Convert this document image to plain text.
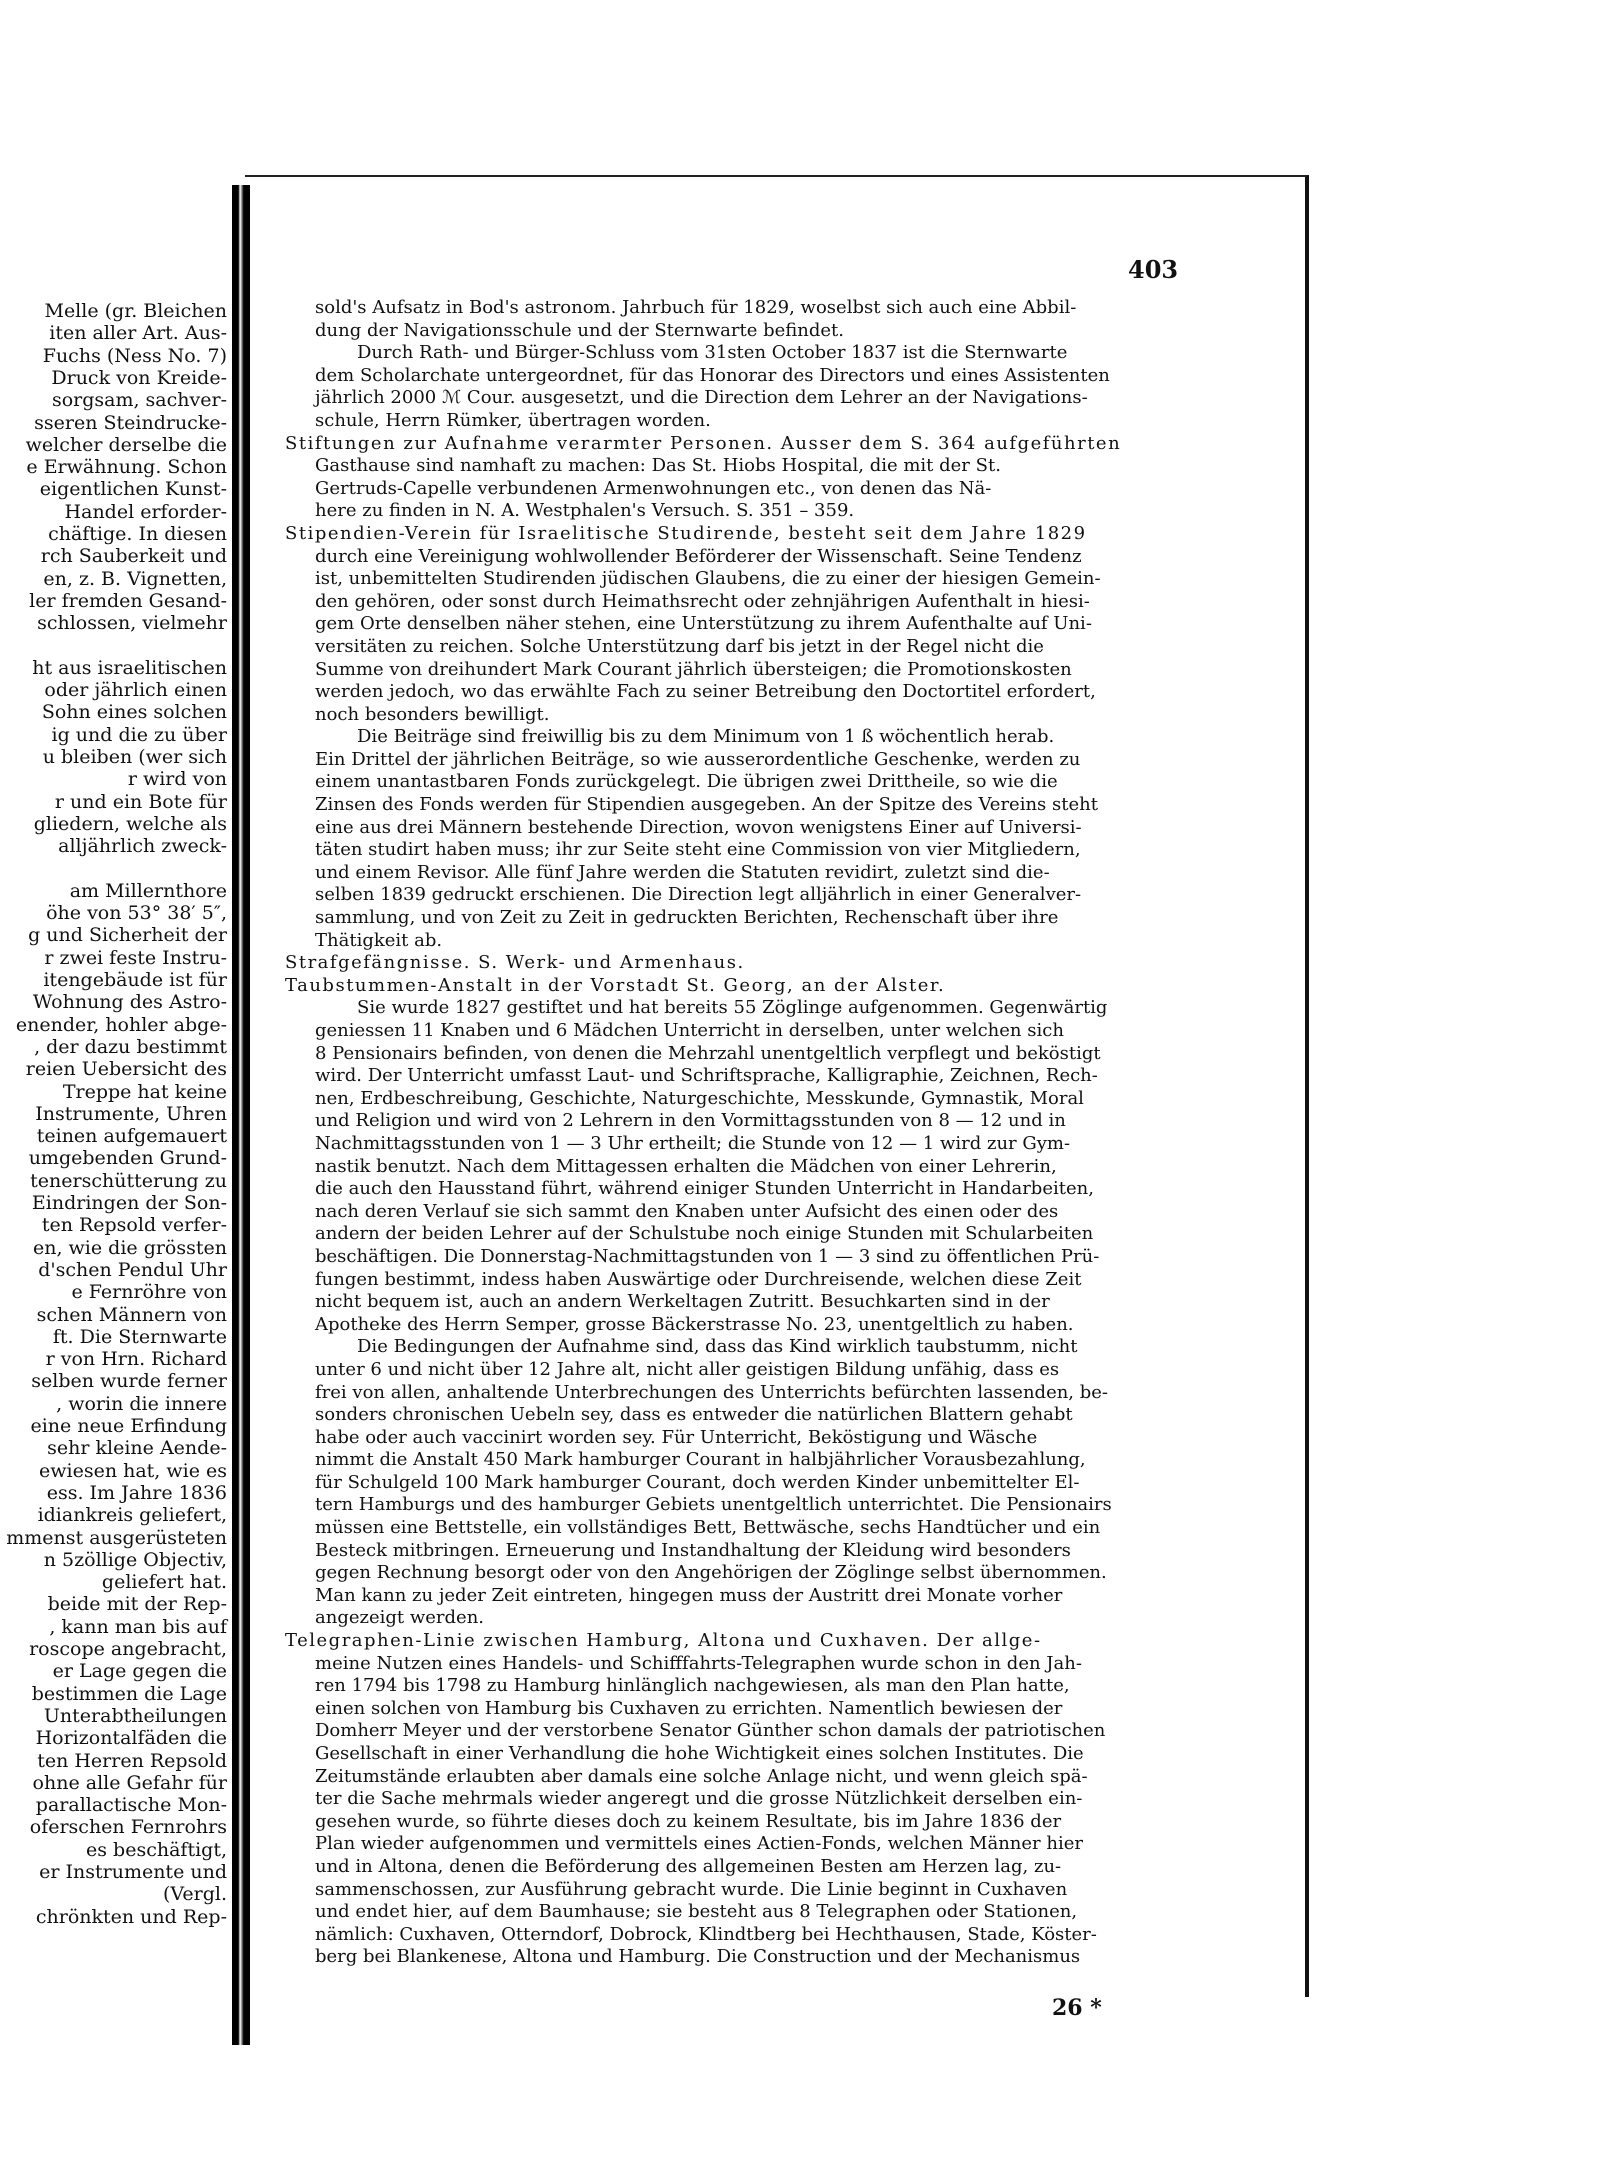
Melle (gr. Bleichen
iten aller Art. Aus-
Fuchs (Ness No. 7)
Druck von Kreide-
sorgsam, sachver-
sseren Steindrucke-
welcher derselbe die
e Erwähnung. Schon
eigentlichen Kunst-
Handel erforder-
chäftige. In diesen
rch Sauberkeit und
en, z. B. Vignetten,
ler fremden Gesand-
schlossen, vielmehr
ht aus israelitischen
oder jährlich einen
Sohn eines solchen
ig und die zu über
u bleiben (wer sich
r wird von
r und ein Bote für
gliedern, welche als
alljährlich zweck-
am Millernthore
öhe von 53° 38′ 5″,
g und Sicherheit der
r zwei feste Instru-
itengebäude ist für
Wohnung des Astro-
enender, hohler abge-
, der dazu bestimmt
reien Uebersicht des
Treppe hat keine
Instrumente, Uhren
teinen aufgemauert
umgebenden Grund-
tenerschütterung zu
Eindringen der Son-
ten Repsold verfer-
en, wie die grössten
d'schen Pendul Uhr
e Fernröhre von
schen Männern von
ft. Die Sternwarte
r von Hrn. Richard
selben wurde ferner
, worin die innere
eine neue Erfindung
sehr kleine Aende-
ewiesen hat, wie es
ess. Im Jahre 1836
idiankreis geliefert,
mmenst ausgerüsteten
n 5zöllige Objectiv,
geliefert hat.
beide mit der Rep-
, kann man bis auf
roscope angebracht,
er Lage gegen die
bestimmen die Lage
Unterabtheilungen
Horizontalfäden die
ten Herren Repsold
ohne alle Gefahr für
parallactische Mon-
oferschen Fernrohrs
es beschäftigt,
er Instrumente und
(Vergl.
chrönkten und Rep-
403
sold's Aufsatz in Bod's astronom. Jahrbuch für 1829, woselbst sich auch eine Abbil-
dung der Navigationsschule und der Sternwarte befindet.
Durch Rath- und Bürger-Schluss vom 31sten October 1837 ist die Sternwarte
dem Scholarchate untergeordnet, für das Honorar des Directors und eines Assistenten
jährlich 2000 ℳ Cour. ausgesetzt, und die Direction dem Lehrer an der Navigations-
schule, Herrn Rümker, übertragen worden.
Stiftungen zur Aufnahme verarmter Personen. Ausser dem S. 364 aufgeführten
Gasthause sind namhaft zu machen: Das St. Hiobs Hospital, die mit der St.
Gertruds-Capelle verbundenen Armenwohnungen etc., von denen das Nä-
here zu finden in N. A. Westphalen's Versuch. S. 351 – 359.
Stipendien-Verein für Israelitische Studirende, besteht seit dem Jahre 1829
durch eine Vereinigung wohlwollender Beförderer der Wissenschaft. Seine Tendenz
ist, unbemittelten Studirenden jüdischen Glaubens, die zu einer der hiesigen Gemein-
den gehören, oder sonst durch Heimathsrecht oder zehnjährigen Aufenthalt in hiesi-
gem Orte denselben näher stehen, eine Unterstützung zu ihrem Aufenthalte auf Uni-
versitäten zu reichen. Solche Unterstützung darf bis jetzt in der Regel nicht die
Summe von dreihundert Mark Courant jährlich übersteigen; die Promotionskosten
werden jedoch, wo das erwählte Fach zu seiner Betreibung den Doctortitel erfordert,
noch besonders bewilligt.
Die Beiträge sind freiwillig bis zu dem Minimum von 1 ß wöchentlich herab.
Ein Drittel der jährlichen Beiträge, so wie ausserordentliche Geschenke, werden zu
einem unantastbaren Fonds zurückgelegt. Die übrigen zwei Drittheile, so wie die
Zinsen des Fonds werden für Stipendien ausgegeben. An der Spitze des Vereins steht
eine aus drei Männern bestehende Direction, wovon wenigstens Einer auf Universi-
täten studirt haben muss; ihr zur Seite steht eine Commission von vier Mitgliedern,
und einem Revisor. Alle fünf Jahre werden die Statuten revidirt, zuletzt sind die-
selben 1839 gedruckt erschienen. Die Direction legt alljährlich in einer Generalver-
sammlung, und von Zeit zu Zeit in gedruckten Berichten, Rechenschaft über ihre
Thätigkeit ab.
Strafgefängnisse. S. Werk- und Armenhaus.
Taubstummen-Anstalt in der Vorstadt St. Georg, an der Alster.
Sie wurde 1827 gestiftet und hat bereits 55 Zöglinge aufgenommen. Gegenwärtig
geniessen 11 Knaben und 6 Mädchen Unterricht in derselben, unter welchen sich
8 Pensionairs befinden, von denen die Mehrzahl unentgeltlich verpflegt und beköstigt
wird. Der Unterricht umfasst Laut- und Schriftsprache, Kalligraphie, Zeichnen, Rech-
nen, Erdbeschreibung, Geschichte, Naturgeschichte, Messkunde, Gymnastik, Moral
und Religion und wird von 2 Lehrern in den Vormittagsstunden von 8 — 12 und in
Nachmittagsstunden von 1 — 3 Uhr ertheilt; die Stunde von 12 — 1 wird zur Gym-
nastik benutzt. Nach dem Mittagessen erhalten die Mädchen von einer Lehrerin,
die auch den Hausstand führt, während einiger Stunden Unterricht in Handarbeiten,
nach deren Verlauf sie sich sammt den Knaben unter Aufsicht des einen oder des
andern der beiden Lehrer auf der Schulstube noch einige Stunden mit Schularbeiten
beschäftigen. Die Donnerstag-Nachmittagstunden von 1 — 3 sind zu öffentlichen Prü-
fungen bestimmt, indess haben Auswärtige oder Durchreisende, welchen diese Zeit
nicht bequem ist, auch an andern Werkeltagen Zutritt. Besuchkarten sind in der
Apotheke des Herrn Semper, grosse Bäckerstrasse No. 23, unentgeltlich zu haben.
Die Bedingungen der Aufnahme sind, dass das Kind wirklich taubstumm, nicht
unter 6 und nicht über 12 Jahre alt, nicht aller geistigen Bildung unfähig, dass es
frei von allen, anhaltende Unterbrechungen des Unterrichts befürchten lassenden, be-
sonders chronischen Uebeln sey, dass es entweder die natürlichen Blattern gehabt
habe oder auch vaccinirt worden sey. Für Unterricht, Beköstigung und Wäsche
nimmt die Anstalt 450 Mark hamburger Courant in halbjährlicher Vorausbezahlung,
für Schulgeld 100 Mark hamburger Courant, doch werden Kinder unbemittelter El-
tern Hamburgs und des hamburger Gebiets unentgeltlich unterrichtet. Die Pensionairs
müssen eine Bettstelle, ein vollständiges Bett, Bettwäsche, sechs Handtücher und ein
Besteck mitbringen. Erneuerung und Instandhaltung der Kleidung wird besonders
gegen Rechnung besorgt oder von den Angehörigen der Zöglinge selbst übernommen.
Man kann zu jeder Zeit eintreten, hingegen muss der Austritt drei Monate vorher
angezeigt werden.
Telegraphen-Linie zwischen Hamburg, Altona und Cuxhaven. Der allge-
meine Nutzen eines Handels- und Schifffahrts-Telegraphen wurde schon in den Jah-
ren 1794 bis 1798 zu Hamburg hinlänglich nachgewiesen, als man den Plan hatte,
einen solchen von Hamburg bis Cuxhaven zu errichten. Namentlich bewiesen der
Domherr Meyer und der verstorbene Senator Günther schon damals der patriotischen
Gesellschaft in einer Verhandlung die hohe Wichtigkeit eines solchen Institutes. Die
Zeitumstände erlaubten aber damals eine solche Anlage nicht, und wenn gleich spä-
ter die Sache mehrmals wieder angeregt und die grosse Nützlichkeit derselben ein-
gesehen wurde, so führte dieses doch zu keinem Resultate, bis im Jahre 1836 der
Plan wieder aufgenommen und vermittels eines Actien-Fonds, welchen Männer hier
und in Altona, denen die Beförderung des allgemeinen Besten am Herzen lag, zu-
sammenschossen, zur Ausführung gebracht wurde. Die Linie beginnt in Cuxhaven
und endet hier, auf dem Baumhause; sie besteht aus 8 Telegraphen oder Stationen,
nämlich: Cuxhaven, Otterndorf, Dobrock, Klindtberg bei Hechthausen, Stade, Köster-
berg bei Blankenese, Altona und Hamburg. Die Construction und der Mechanismus
26 *
